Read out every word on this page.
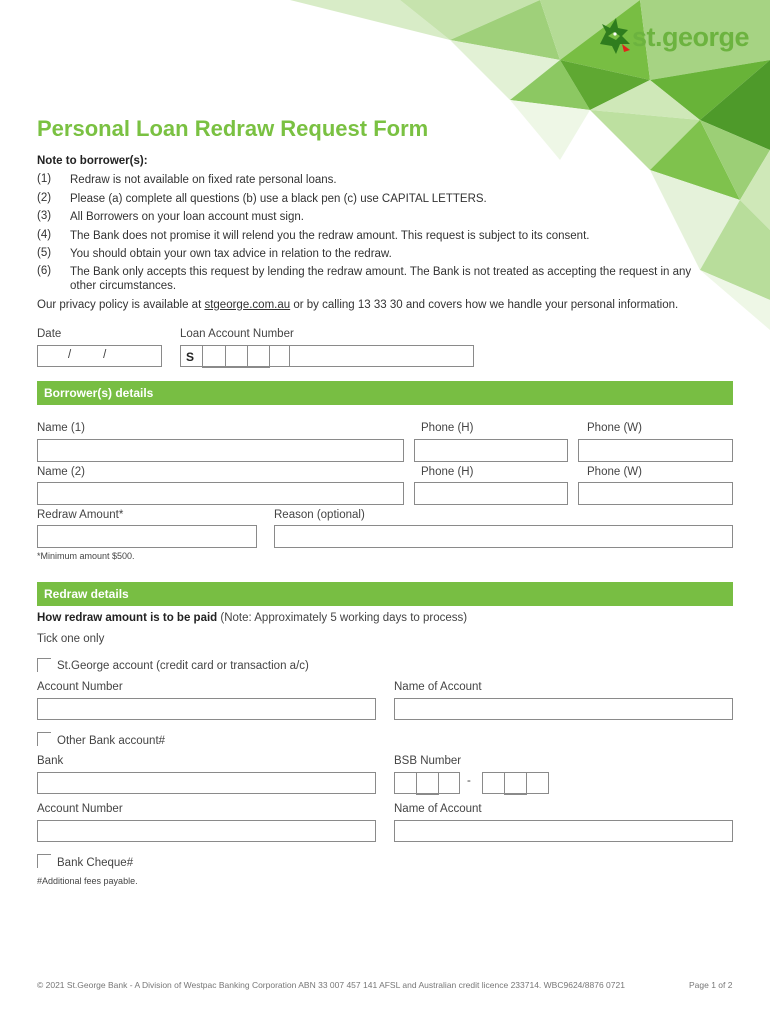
st.george
Personal Loan Redraw Request Form
Note to borrower(s):
(1) Redraw is not available on fixed rate personal loans.
(2) Please (a) complete all questions (b) use a black pen (c) use CAPITAL LETTERS.
(3) All Borrowers on your loan account must sign.
(4) The Bank does not promise it will relend you the redraw amount. This request is subject to its consent.
(5) You should obtain your own tax advice in relation to the redraw.
(6) The Bank only accepts this request by lending the redraw amount. The Bank is not treated as accepting the request in any other circumstances.
Our privacy policy is available at stgeorge.com.au or by calling 13 33 30 and covers how we handle your personal information.
Date
/          /
Loan Account Number
S
Borrower(s) details
Name (1)	Phone (H)	Phone (W)
Name (2)	Phone (H)	Phone (W)
Redraw Amount*	Reason (optional)
*Minimum amount $500.
Redraw details
How redraw amount is to be paid (Note: Approximately 5 working days to process)
Tick one only
St.George account (credit card or transaction a/c)
Account Number	Name of Account
Other Bank account#
Bank	BSB Number
-
Account Number	Name of Account
Bank Cheque#
#Additional fees payable.
© 2021 St.George Bank - A Division of Westpac Banking Corporation ABN 33 007 457 141 AFSL and Australian credit licence 233714. WBC9624/8876 0721	Page 1 of 2
